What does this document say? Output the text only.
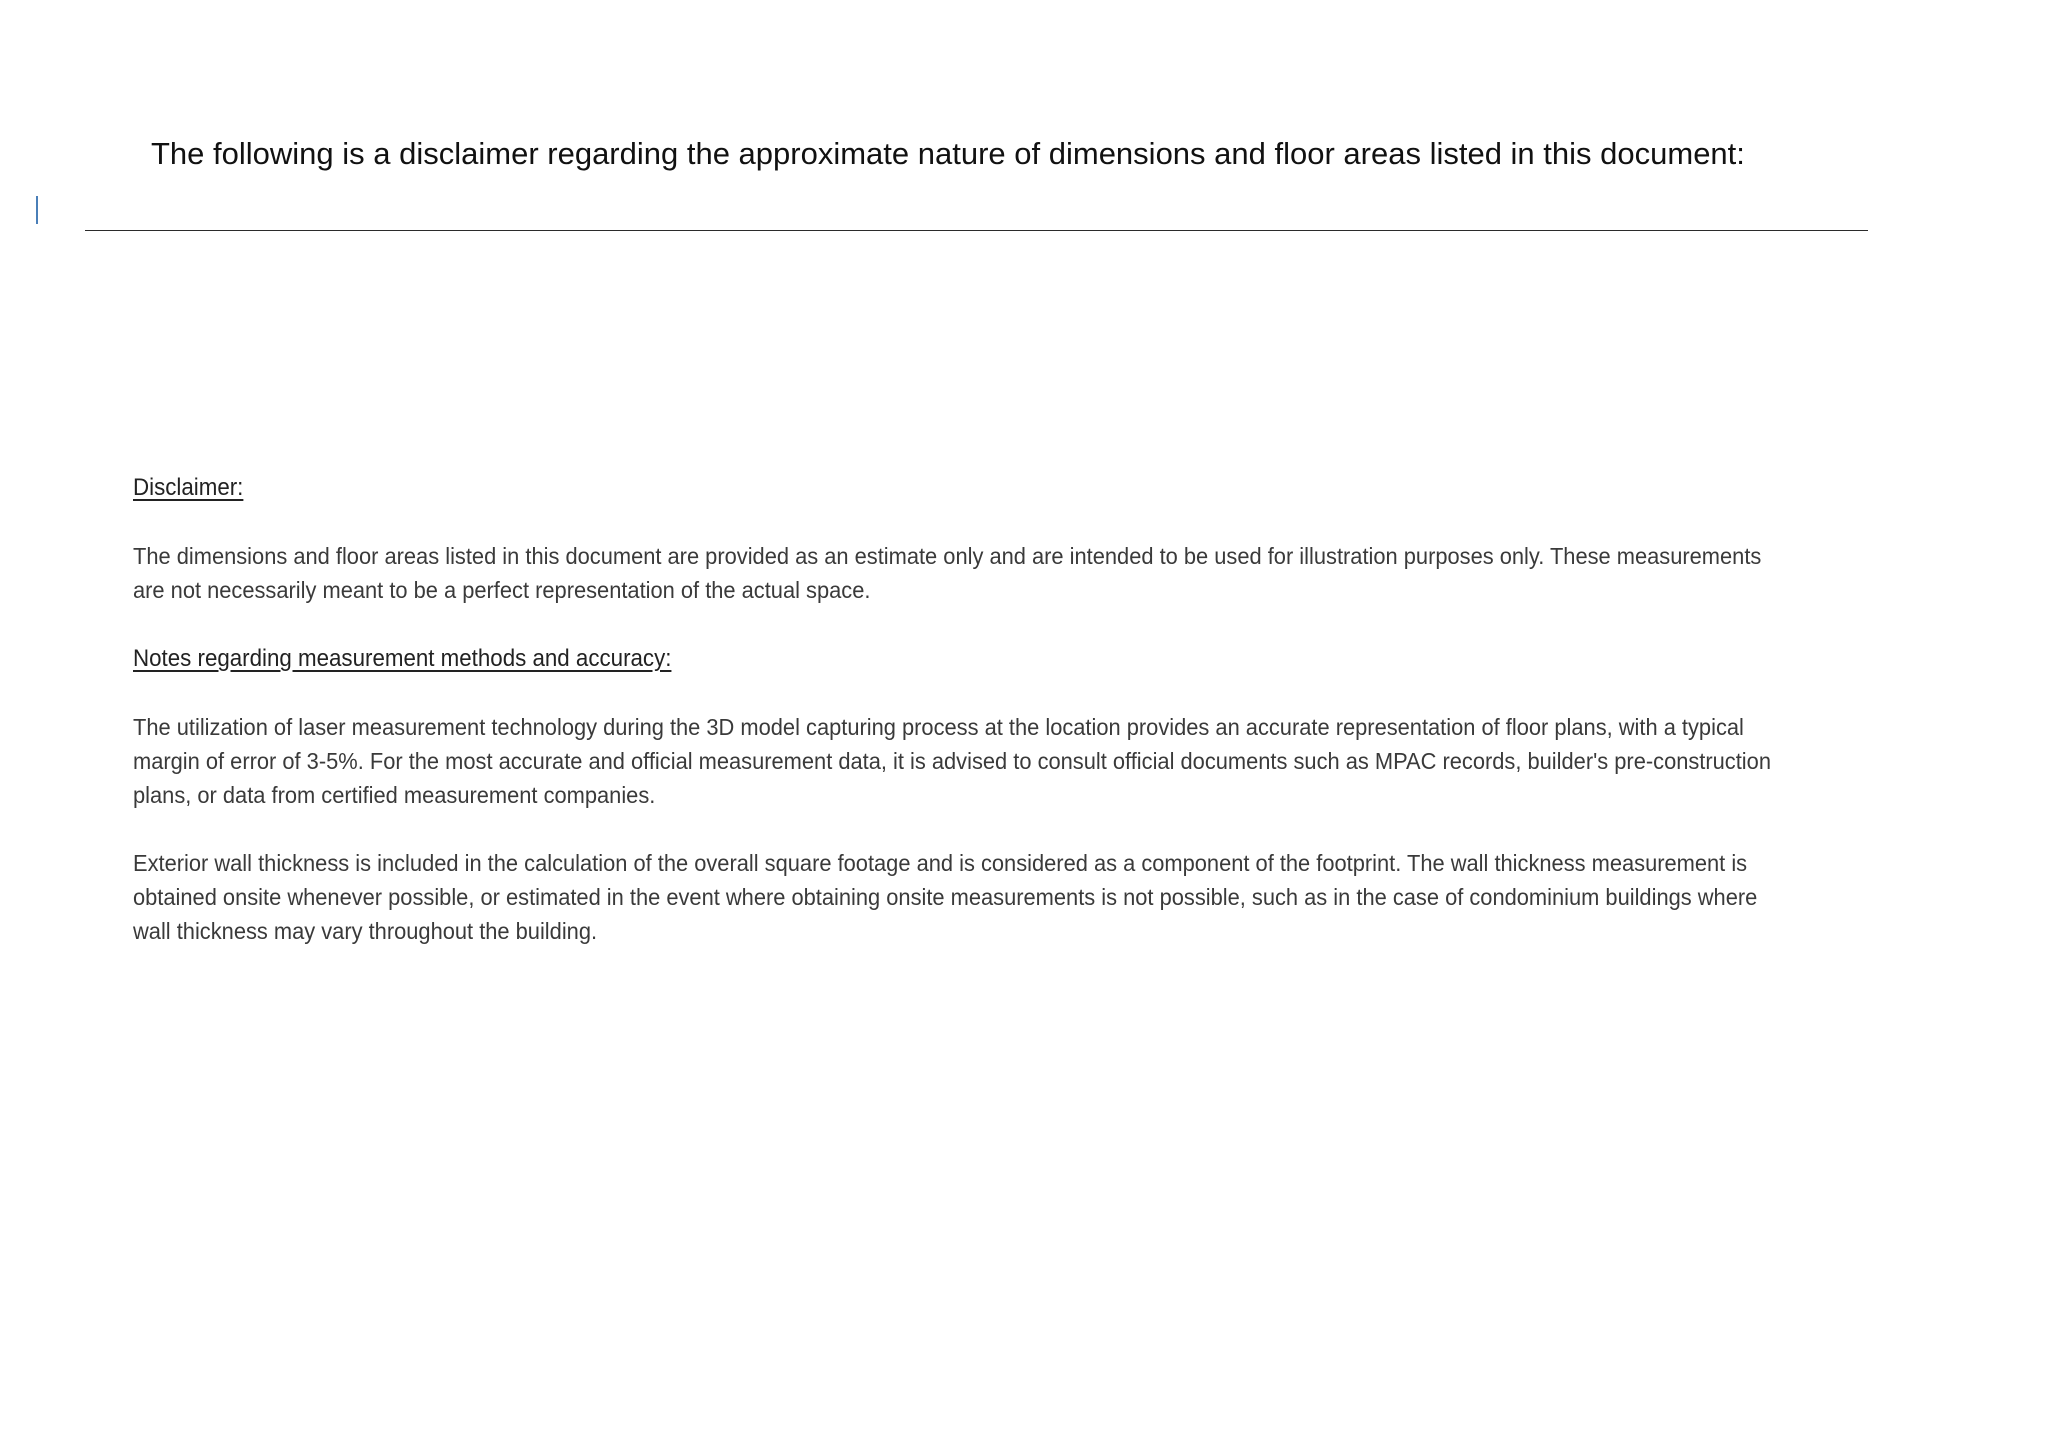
The following is a disclaimer regarding the approximate nature of dimensions and floor areas listed in this document:
Disclaimer:

The dimensions and floor areas listed in this document are provided as an estimate only and are intended to be used for illustration purposes only. These measurements are not necessarily meant to be a perfect representation of the actual space.

Notes regarding measurement methods and accuracy:

The utilization of laser measurement technology during the 3D model capturing process at the location provides an accurate representation of floor plans, with a typical margin of error of 3-5%. For the most accurate and official measurement data, it is advised to consult official documents such as MPAC records, builder's pre-construction plans, or data from certified measurement companies.

Exterior wall thickness is included in the calculation of the overall square footage and is considered as a component of the footprint. The wall thickness measurement is obtained onsite whenever possible, or estimated in the event where obtaining onsite measurements is not possible, such as in the case of condominium buildings where wall thickness may vary throughout the building.
